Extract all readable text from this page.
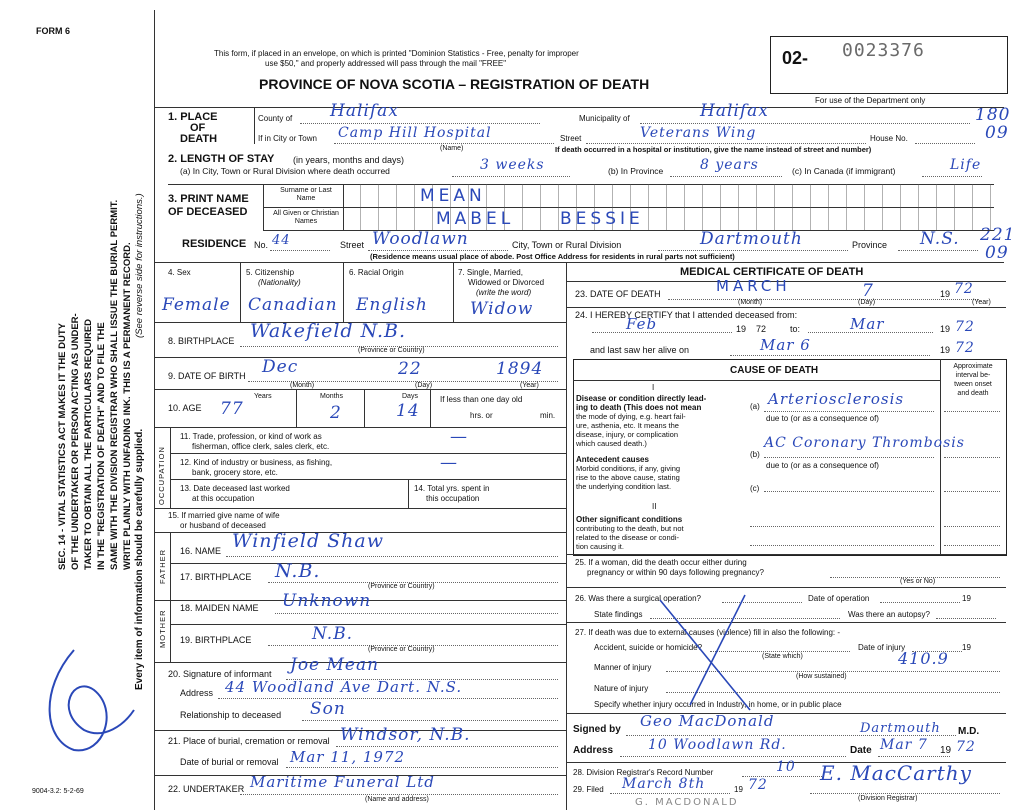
FORM 6
This form, if placed in an envelope, on which is printed "Dominion Statistics - Free, penalty for improper
use $50," and properly addressed will pass through the mail "FREE"
PROVINCE OF NOVA SCOTIA – REGISTRATION OF DEATH
02- 0023376
For use of the Department only
180
09
221
09
SEC. 14 - VITAL STATISTICS ACT MAKES IT THE DUTY OF THE UNDERTAKER OR PERSON ACTING AS UNDER- TAKER TO OBTAIN ALL THE PARTICULARS REQUIRED IN THE "REGISTRATION OF DEATH" AND TO FILE THE SAME WITH THE DIVISION REGISTRAR WHO SHALL ISSUE THE BURIAL PERMIT. WRITE PLAINLY WITH UNFADING INK. THIS IS A PERMANENT RECORD. (See reverse side for instructions.)
Every item of information should be carefully supplied.
9004-3.2: 5-2-69
1. PLACE
OF
DEATH
County of Halifax	Municipality of	Halifax
If in City or Town Camp Hill Hospital
(Name)
Street	Veterans Wing	House No.
If death occurred in a hospital or institution, give the name instead of street and number)
2. LENGTH OF STAY (in years, months and days)
(a) In City, Town or Rural Division where death occurred	3 weeks	(b) In Province	8 years	(c) In Canada (if immigrant)	Life
3. PRINT NAME
OF DECEASED
Surname or Last Name
All Given or Christian Names
MEAN
MABEL	BESSIE
RESIDENCE No. 44	Street Woodlawn	City, Town or Rural Division	Dartmouth	Province N.S.
(Residence means usual place of abode. Post Office Address for residents in rural parts not sufficient)
4. Sex	5. Citizenship
(Nationality)
6. Racial Origin	7. Single, Married,
Widowed or Divorced
(write the word)
Female Canadian English Widow
8. BIRTHPLACE Wakefield N.B.
(Province or Country)
9. DATE OF BIRTH Dec	22	1894
(Month)	(Day)	(Year)
10. AGE
Years	Months	Days
77	2	14
If less than one day old
hrs. or	min.
OCCUPATION
11. Trade, profession, or kind of work as
fisherman, office clerk, sales clerk, etc.	—
12. Kind of industry or business, as fishing,
bank, grocery store, etc.	—
13. Date deceased last worked
at this occupation
14. Total yrs. spent in
this occupation
15. If married give name of wife
or husband of deceased
FATHER 16. NAME Winfield Shaw
17. BIRTHPLACE N.B.
(Province or Country)
MOTHER
18. MAIDEN NAME Unknown
19. BIRTHPLACE	N.B.
(Province or Country)
20. Signature of informant Joe Mean
Address 44 Woodland Ave Dart. N.S.
Relationship to deceased Son
21. Place of burial, cremation or removal Windsor, N.B.
Date of burial or removal Mar 11, 1972
22. UNDERTAKER Maritime Funeral Ltd
(Name and address)
MEDICAL CERTIFICATE OF DEATH
23. DATE OF DEATH	MARCH	7	19 72
(Month)	(Day)	(Year)
24. I HEREBY CERTIFY that I attended deceased from:
Feb	19 72	to:	Mar	19 72
and last saw her alive on	Mar 6	19 72
CAUSE OF DEATH	Approximate
interval be-
tween onset
and death
I
Disease or condition directly lead-
ing to death (This does not mean
the mode of dying, e.g. heart fail-
ure, asthenia, etc. It means the
disease, injury, or complication
which caused death.)
(a) Arteriosclerosis
due to (or as a consequence of)
Antecedent causes
Morbid conditions, if any, giving
rise to the above cause, stating
the underlying condition last.
(b)
AC Coronary Thrombosis
due to (or as a consequence of)
(c)
II
Other significant conditions
contributing to the death, but not
related to the disease or condi-
tion causing it.
25. If a woman, did the death occur either during
pregnancy or within 90 days following pregnancy?
(Yes or No)
26. Was there a surgical operation?	Date of operation	19
State findings	Was there an autopsy?
27. If death was due to external causes (violence) fill in also the following: -
Accident, suicide or homicide?
(State which)
Date of injury	19
410.9
Manner of injury
(How sustained)
Nature of injury
Specify whether injury occurred in Industry, in home, or in public place
Signed by Geo MacDonald	Dartmouth M.D.
Address 10 Woodlawn Rd.	Date Mar 7 19 72
28. Division Registrar's Record Number	10
29. Filed March 8th	19 72	E. MacCarthy
(Division Registrar)
G. MACDONALD
